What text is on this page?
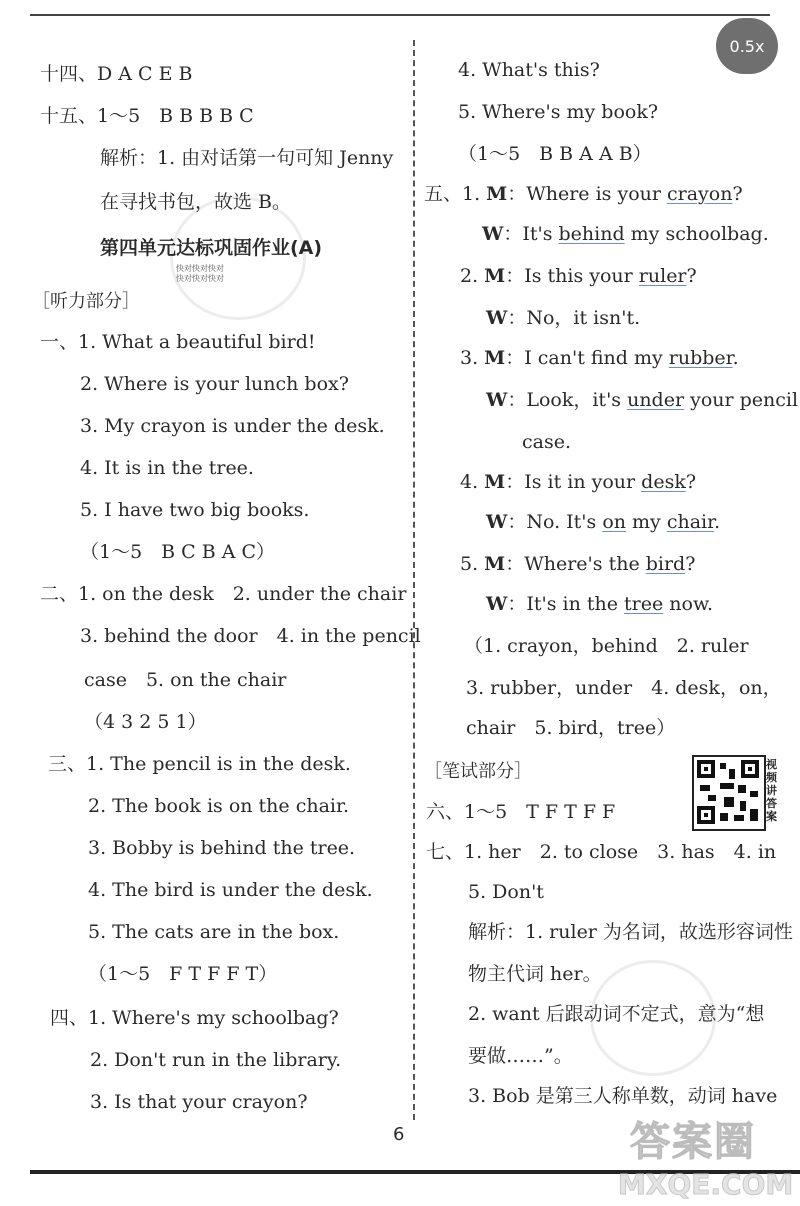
0.5x
十四、D A C E B
十五、1～5　B B B B C
解析：1. 由对话第一句可知 Jenny
在寻找书包，故选 B。
第四单元达标巩固作业(A)
快对快对快对
快对快对快对
［听力部分］
一、1. What a beautiful bird!
2. Where is your lunch box?
3. My crayon is under the desk.
4. It is in the tree.
5. I have two big books.
（1～5　B C B A C）
二、1. on the desk　2. under the chair
3. behind the door　4. in the pencil
case　5. on the chair
（4 3 2 5 1）
三、1. The pencil is in the desk.
2. The book is on the chair.
3. Bobby is behind the tree.
4. The bird is under the desk.
5. The cats are in the box.
（1～5　F T F F T）
四、1. Where's my schoolbag?
2. Don't run in the library.
3. Is that your crayon?
4. What's this?
5. Where's my book?
（1～5　B B A A B）
五、1. M：Where is your crayon?
W：It's behind my schoolbag.
2. M：Is this your ruler?
W：No，it isn't.
3. M：I can't find my rubber.
W：Look，it's under your pencil
case.
4. M：Is it in your desk?
W：No. It's on my chair.
5. M：Where's the bird?
W：It's in the tree now.
（1. crayon，behind　2. ruler
3. rubber，under　4. desk，on，
chair　5. bird，tree）
［笔试部分］
六、1～5　T F T F F
七、1. her　2. to close　3. has　4. in
5. Don't
解析：1. ruler 为名词，故选形容词性
物主代词 her。
2. want 后跟动词不定式，意为“想
要做……”。
3. Bob 是第三人称单数，动词 have
视
频
讲
答
案
6	答案圈
MXQE.COM
